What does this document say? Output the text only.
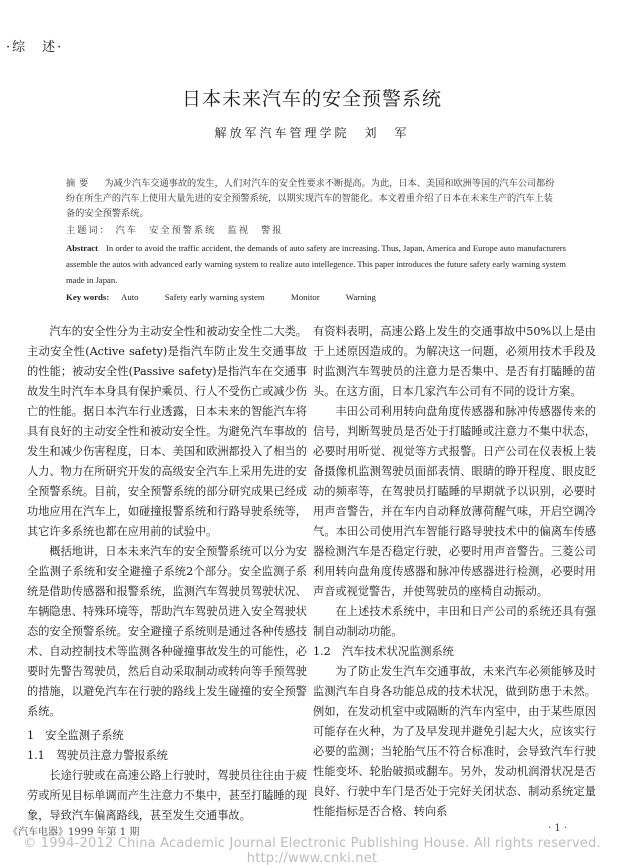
·综　述·
日本未来汽车的安全预警系统
解放军汽车管理学院　刘　军
摘要 为减少汽车交通事故的发生，人们对汽车的安全性要求不断提高。为此，日本、美国和欧洲等国的汽车公司都纷纷在所生产的汽车上使用大量先进的安全预警系统，以期实现汽车的智能化。本文着重介绍了日本在未来生产的汽车上装备的安全预警系统。
主题词： 汽车　安全预警系统　监视　警报
Abstract In order to avoid the traffic accident, the demands of auto safety are increasing. Thus, Japan, America and Europe auto manufacturers assemble the autos with advanced early warning system to realize auto intellegence. This paper introduces the future safety early warning system made in Japan.
Key words: Auto	Safety early warning system	Monitor	Warning

汽车的安全性分为主动安全性和被动安全性二大类。主动安全性(Active safety)是指汽车防止发生交通事故的性能；被动安全性(Passive safety)是指汽车在交通事故发生时汽车本身具有保护乘员、行人不受伤亡或减少伤亡的性能。据日本汽车行业透露，日本未来的智能汽车将具有良好的主动安全性和被动安全性。为避免汽车事故的发生和减少伤害程度，日本、美国和欧洲都投入了相当的人力、物力在所研究开发的高级安全汽车上采用先进的安全预警系统。目前，安全预警系统的部分研究成果已经成功地应用在汽车上，如碰撞报警系统和行路导驶系统等，其它许多系统也都在应用前的试验中。

概括地讲，日本未来汽车的安全预警系统可以分为安全监测子系统和安全避撞子系统2个部分。安全监测子系统是借助传感器和报警系统，监测汽车驾驶员驾驶状况、车辆隐患、特殊环境等，帮助汽车驾驶员进入安全驾驶状态的安全预警系统。安全避撞子系统则是通过各种传感技术、自动控制技术等监测各种碰撞事故发生的可能性，必要时先警告驾驶员，然后自动采取制动或转向等手预驾驶的措施，以避免汽车在行驶的路线上发生碰撞的安全预警系统。

1　安全监测子系统
1.1　驾驶员注意力警报系统

长途行驶或在高速公路上行驶时，驾驶员往往由于疲劳或所见目标单调而产生注意力不集中，甚至打瞌睡的现象，导致汽车偏离路线，甚至发生交通事故。

有资料表明，高速公路上发生的交通事故中50%以上是由于上述原因造成的。为解决这一问题，必须用技术手段及时监测汽车驾驶员的注意力是否集中、是否有打瞌睡的苗头。在这方面，日本几家汽车公司有不同的设计方案。

丰田公司利用转向盘角度传感器和脉冲传感器传来的信号，判断驾驶员是否处于打瞌睡或注意力不集中状态，必要时用听觉、视觉等方式报警。日产公司在仪表板上装备摄像机监测驾驶员面部表情、眼睛的睁开程度、眼皮眨动的频率等，在驾驶员打瞌睡的早期就予以识别，必要时用声音警告，并在车内自动释放薄荷醒气味，开启空调冷气。本田公司使用汽车智能行路导驶技术中的偏离车传感器检测汽车是否稳定行驶，必要时用声音警告。三菱公司利用转向盘角度传感器和脉冲传感器进行检测，必要时用声音或视觉警告，并使驾驶员的座椅自动振动。

在上述技术系统中，丰田和日产公司的系统还具有强制自动制动功能。

1.2　汽车技术状况监测系统

为了防止发生汽车交通事故，未来汽车必须能够及时监测汽车自身各功能总成的技术状况，做到防患于未然。例如，在发动机室中或隔断的汽车内室中，由于某些原因可能存在火种，为了及早发现并避免引起大火，应该实行必要的监测；当轮胎气压不符合标准时，会导致汽车行驶性能变坏、轮胎破损或翻车。另外，发动机润滑状况是否良好、行驶中车门是否处于完好关闭状态、制动系统定量性能指标是否合格、转向系

《汽车电器》1999 年第 1 期	· 1 ·
© 1994-2012 China Academic Journal Electronic Publishing House. All rights reserved.　http://www.cnki.net
